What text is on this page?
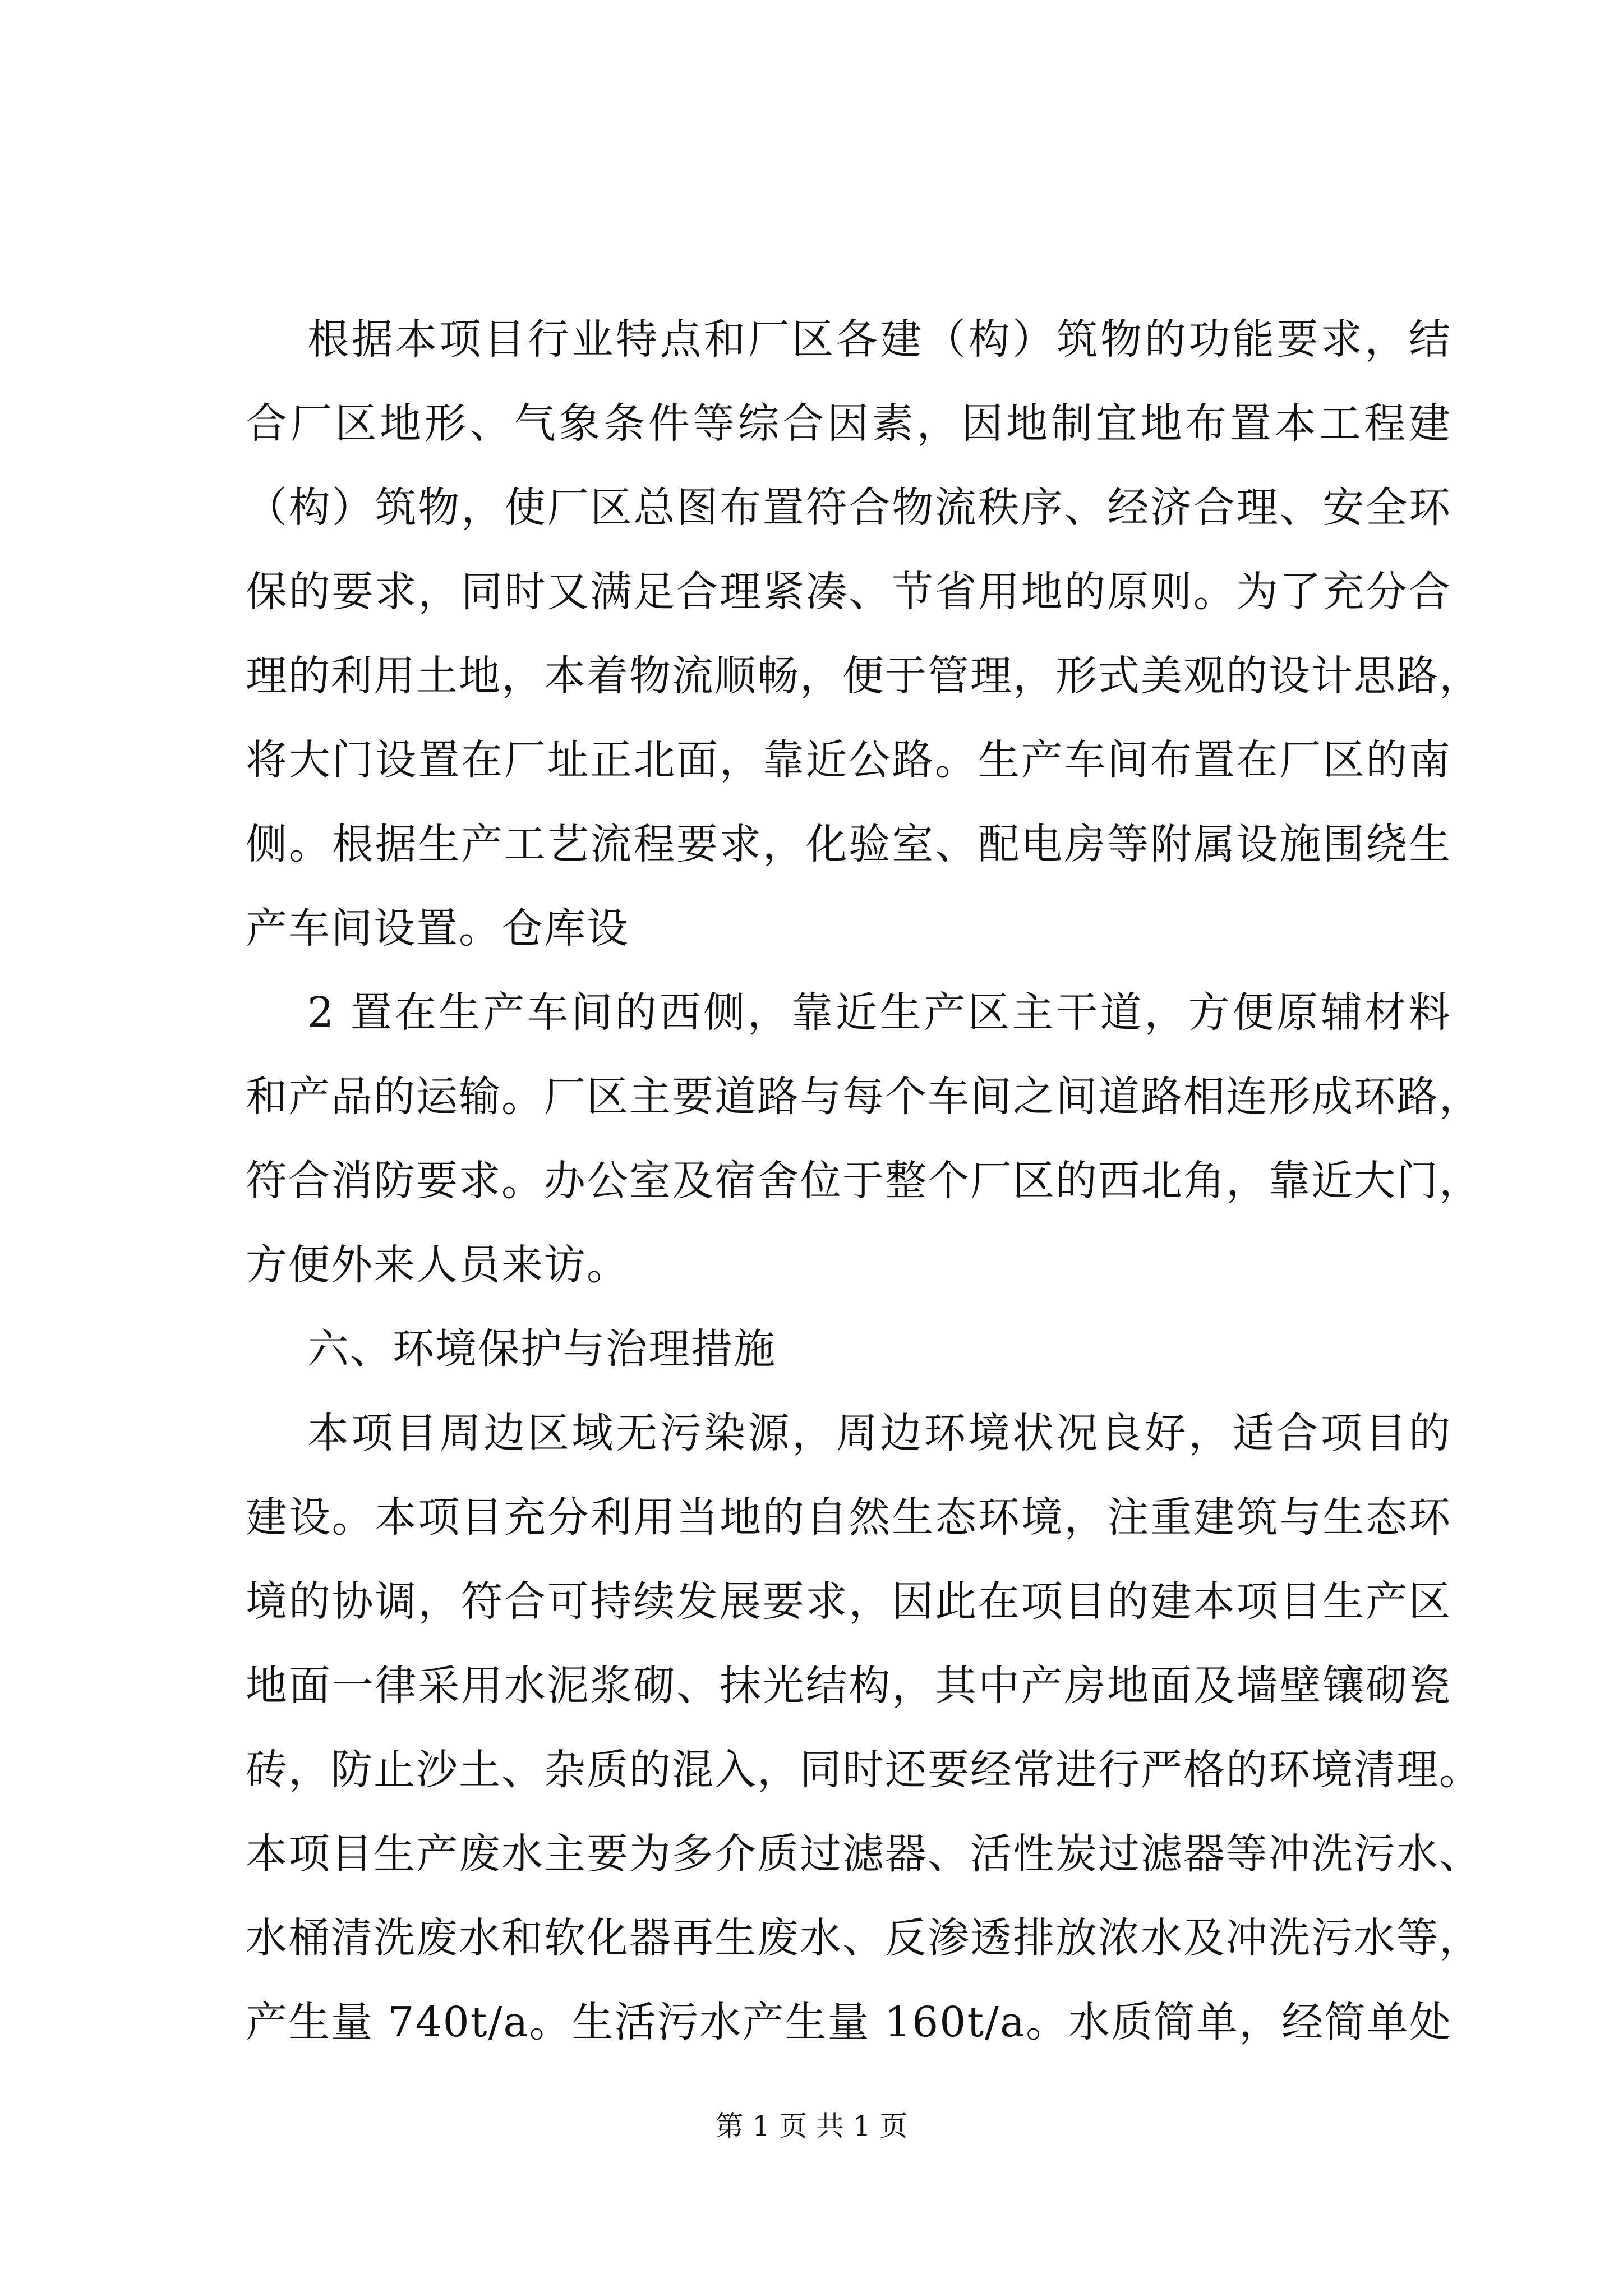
根据本项目行业特点和厂区各建（构）筑物的功能要求，结
合厂区地形、气象条件等综合因素，因地制宜地布置本工程建
（构）筑物，使厂区总图布置符合物流秩序、经济合理、安全环
保的要求，同时又满足合理紧凑、节省用地的原则。为了充分合
理的利用土地，本着物流顺畅，便于管理，形式美观的设计思路，
将大门设置在厂址正北面，靠近公路。生产车间布置在厂区的南
侧。根据生产工艺流程要求，化验室、配电房等附属设施围绕生
产车间设置。仓库设
2 置在生产车间的西侧，靠近生产区主干道，方便原辅材料
和产品的运输。厂区主要道路与每个车间之间道路相连形成环路，
符合消防要求。办公室及宿舍位于整个厂区的西北角，靠近大门，
方便外来人员来访。
六、环境保护与治理措施
本项目周边区域无污染源，周边环境状况良好，适合项目的
建设。本项目充分利用当地的自然生态环境，注重建筑与生态环
境的协调，符合可持续发展要求，因此在项目的建本项目生产区
地面一律采用水泥浆砌、抹光结构，其中产房地面及墙壁镶砌瓷
砖，防止沙土、杂质的混入，同时还要经常进行严格的环境清理。
本项目生产废水主要为多介质过滤器、活性炭过滤器等冲洗污水、
水桶清洗废水和软化器再生废水、反渗透排放浓水及冲洗污水等，
产生量 740t/a。生活污水产生量 160t/a。水质简单，经简单处
第 1 页 共 1 页
